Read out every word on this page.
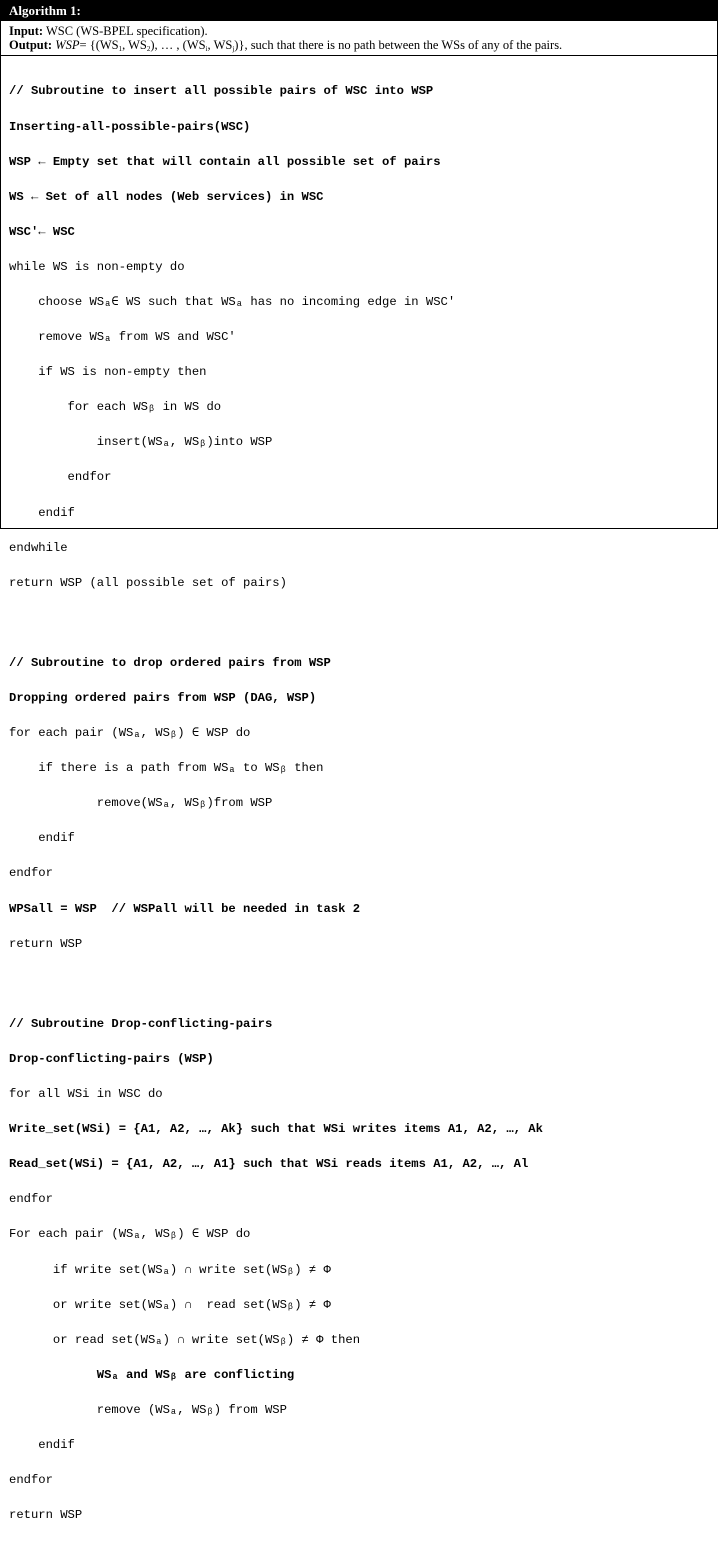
Algorithm 1:
Input: WSC (WS-BPEL specification).
Output: $WSP= \{(WS_1$, $WS_2$), … , ($WS_i$, $WS_j$)}, such that there is no path between the WSs of any of the pairs.

// Subroutine to insert all possible pairs of WSC into WSP

Inserting-all-possible-pairs(WSC)

WSP ← Empty set that will contain all possible set of pairs

WS ← Set of all nodes (Web services) in WSC

WSC′← WSC

while WS is non-empty do

choose WSₐ∈ WS such that WSₐ has no incoming edge in WSC′

remove WSₐ from WS and WSC′

if WS is non-empty then

for each WSᵦ in WS do

insert(WSₐ, WSᵦ)into WSP

endfor

endif

endwhile

return WSP (all possible set of pairs)

// Subroutine to drop ordered pairs from WSP

Dropping ordered pairs from WSP (DAG, WSP)

for each pair (WSₐ, WSᵦ) ∈ WSP do

if there is a path from WSₐ to WSᵦ then

remove(WSₐ, WSᵦ)from WSP

endif

endfor

WPSall = WSP  // WSPall will be needed in task 2

return WSP

// Subroutine Drop-conflicting-pairs

Drop-conflicting-pairs (WSP)

for all WSi in WSC do

Write_set(WSi) = {A1, A2, …, Ak} such that WSi writes items A1, A2, …, Ak

Read_set(WSi) = {A1, A2, …, A1} such that WSi reads items A1, A2, …, Al

endfor

For each pair (WSₐ, WSᵦ) ∈ WSP do

if write set(WSₐ) ∩ write set(WSᵦ) ≠ Φ

or write set(WSₐ) ∩  read set(WSᵦ) ≠ Φ

or read set(WSₐ) ∩ write set(WSᵦ) ≠ Φ then

WSₐ and WSᵦ are conflicting

remove (WSₐ, WSᵦ) from WSP

endif

endfor

return WSP
